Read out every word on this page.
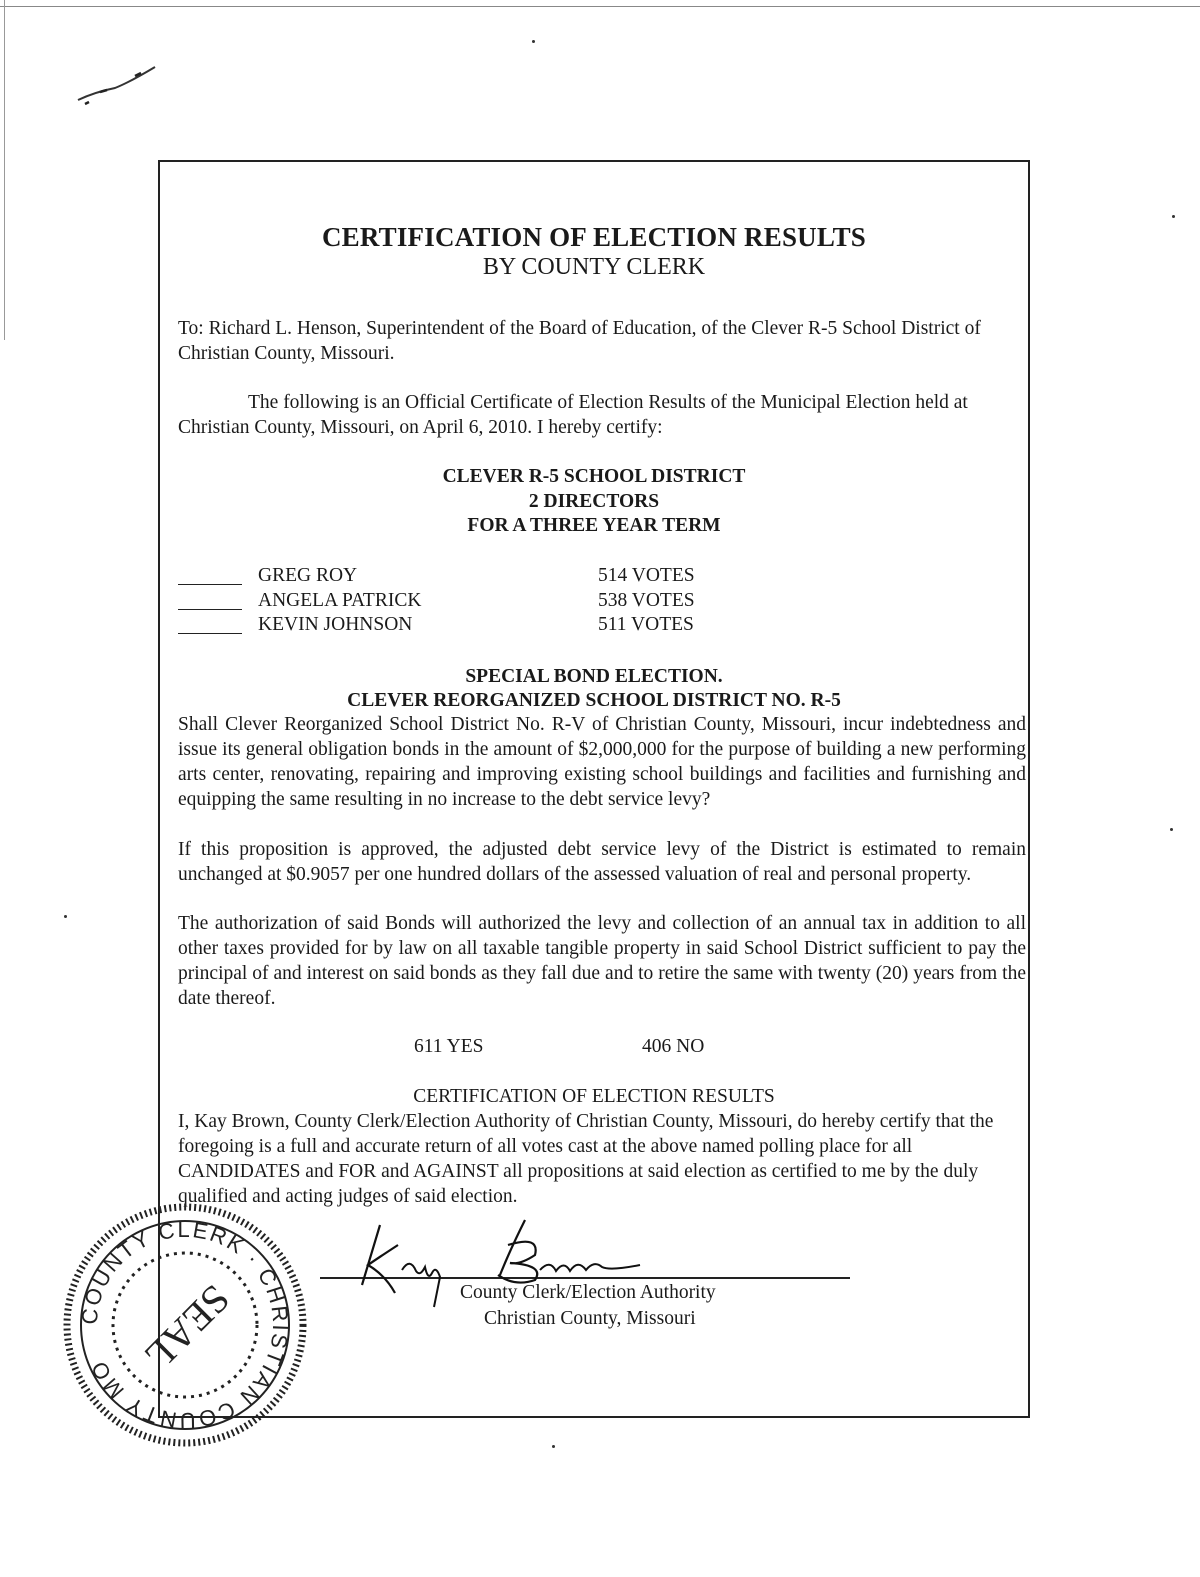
CERTIFICATION OF ELECTION RESULTS
BY COUNTY CLERK
To: Richard L. Henson, Superintendent of the Board of Education, of the Clever R-5 School District of Christian County, Missouri.
The following is an Official Certificate of Election Results of the Municipal Election held at Christian County, Missouri, on April 6, 2010. I hereby certify:
CLEVER R-5 SCHOOL DISTRICT
2 DIRECTORS
FOR A THREE YEAR TERM
GREG ROY	514 VOTES
ANGELA PATRICK	538 VOTES
KEVIN JOHNSON	511 VOTES
SPECIAL BOND ELECTION.
CLEVER REORGANIZED SCHOOL DISTRICT NO. R-5
Shall Clever Reorganized School District No. R-V of Christian County, Missouri, incur indebtedness and issue its general obligation bonds in the amount of $2,000,000 for the purpose of building a new performing arts center, renovating, repairing and improving existing school buildings and facilities and furnishing and equipping the same resulting in no increase to the debt service levy?
If this proposition is approved, the adjusted debt service levy of the District is estimated to remain unchanged at $0.9057 per one hundred dollars of the assessed valuation of real and personal property.
The authorization of said Bonds will authorized the levy and collection of an annual tax in addition to all other taxes provided for by law on all taxable tangible property in said School District sufficient to pay the principal of and interest on said bonds as they fall due and to retire the same with twenty (20) years from the date thereof.
611 YES	406 NO
CERTIFICATION OF ELECTION RESULTS
I, Kay Brown, County Clerk/Election Authority of Christian County, Missouri, do hereby certify that the foregoing is a full and accurate return of all votes cast at the above named polling place for all CANDIDATES and FOR and AGAINST all propositions at said election as certified to me by the duly qualified and acting judges of said election.
County Clerk/Election Authority
Christian County, Missouri
COUNTY CLERK · CHRISTIAN COUNTY MO SEAL
